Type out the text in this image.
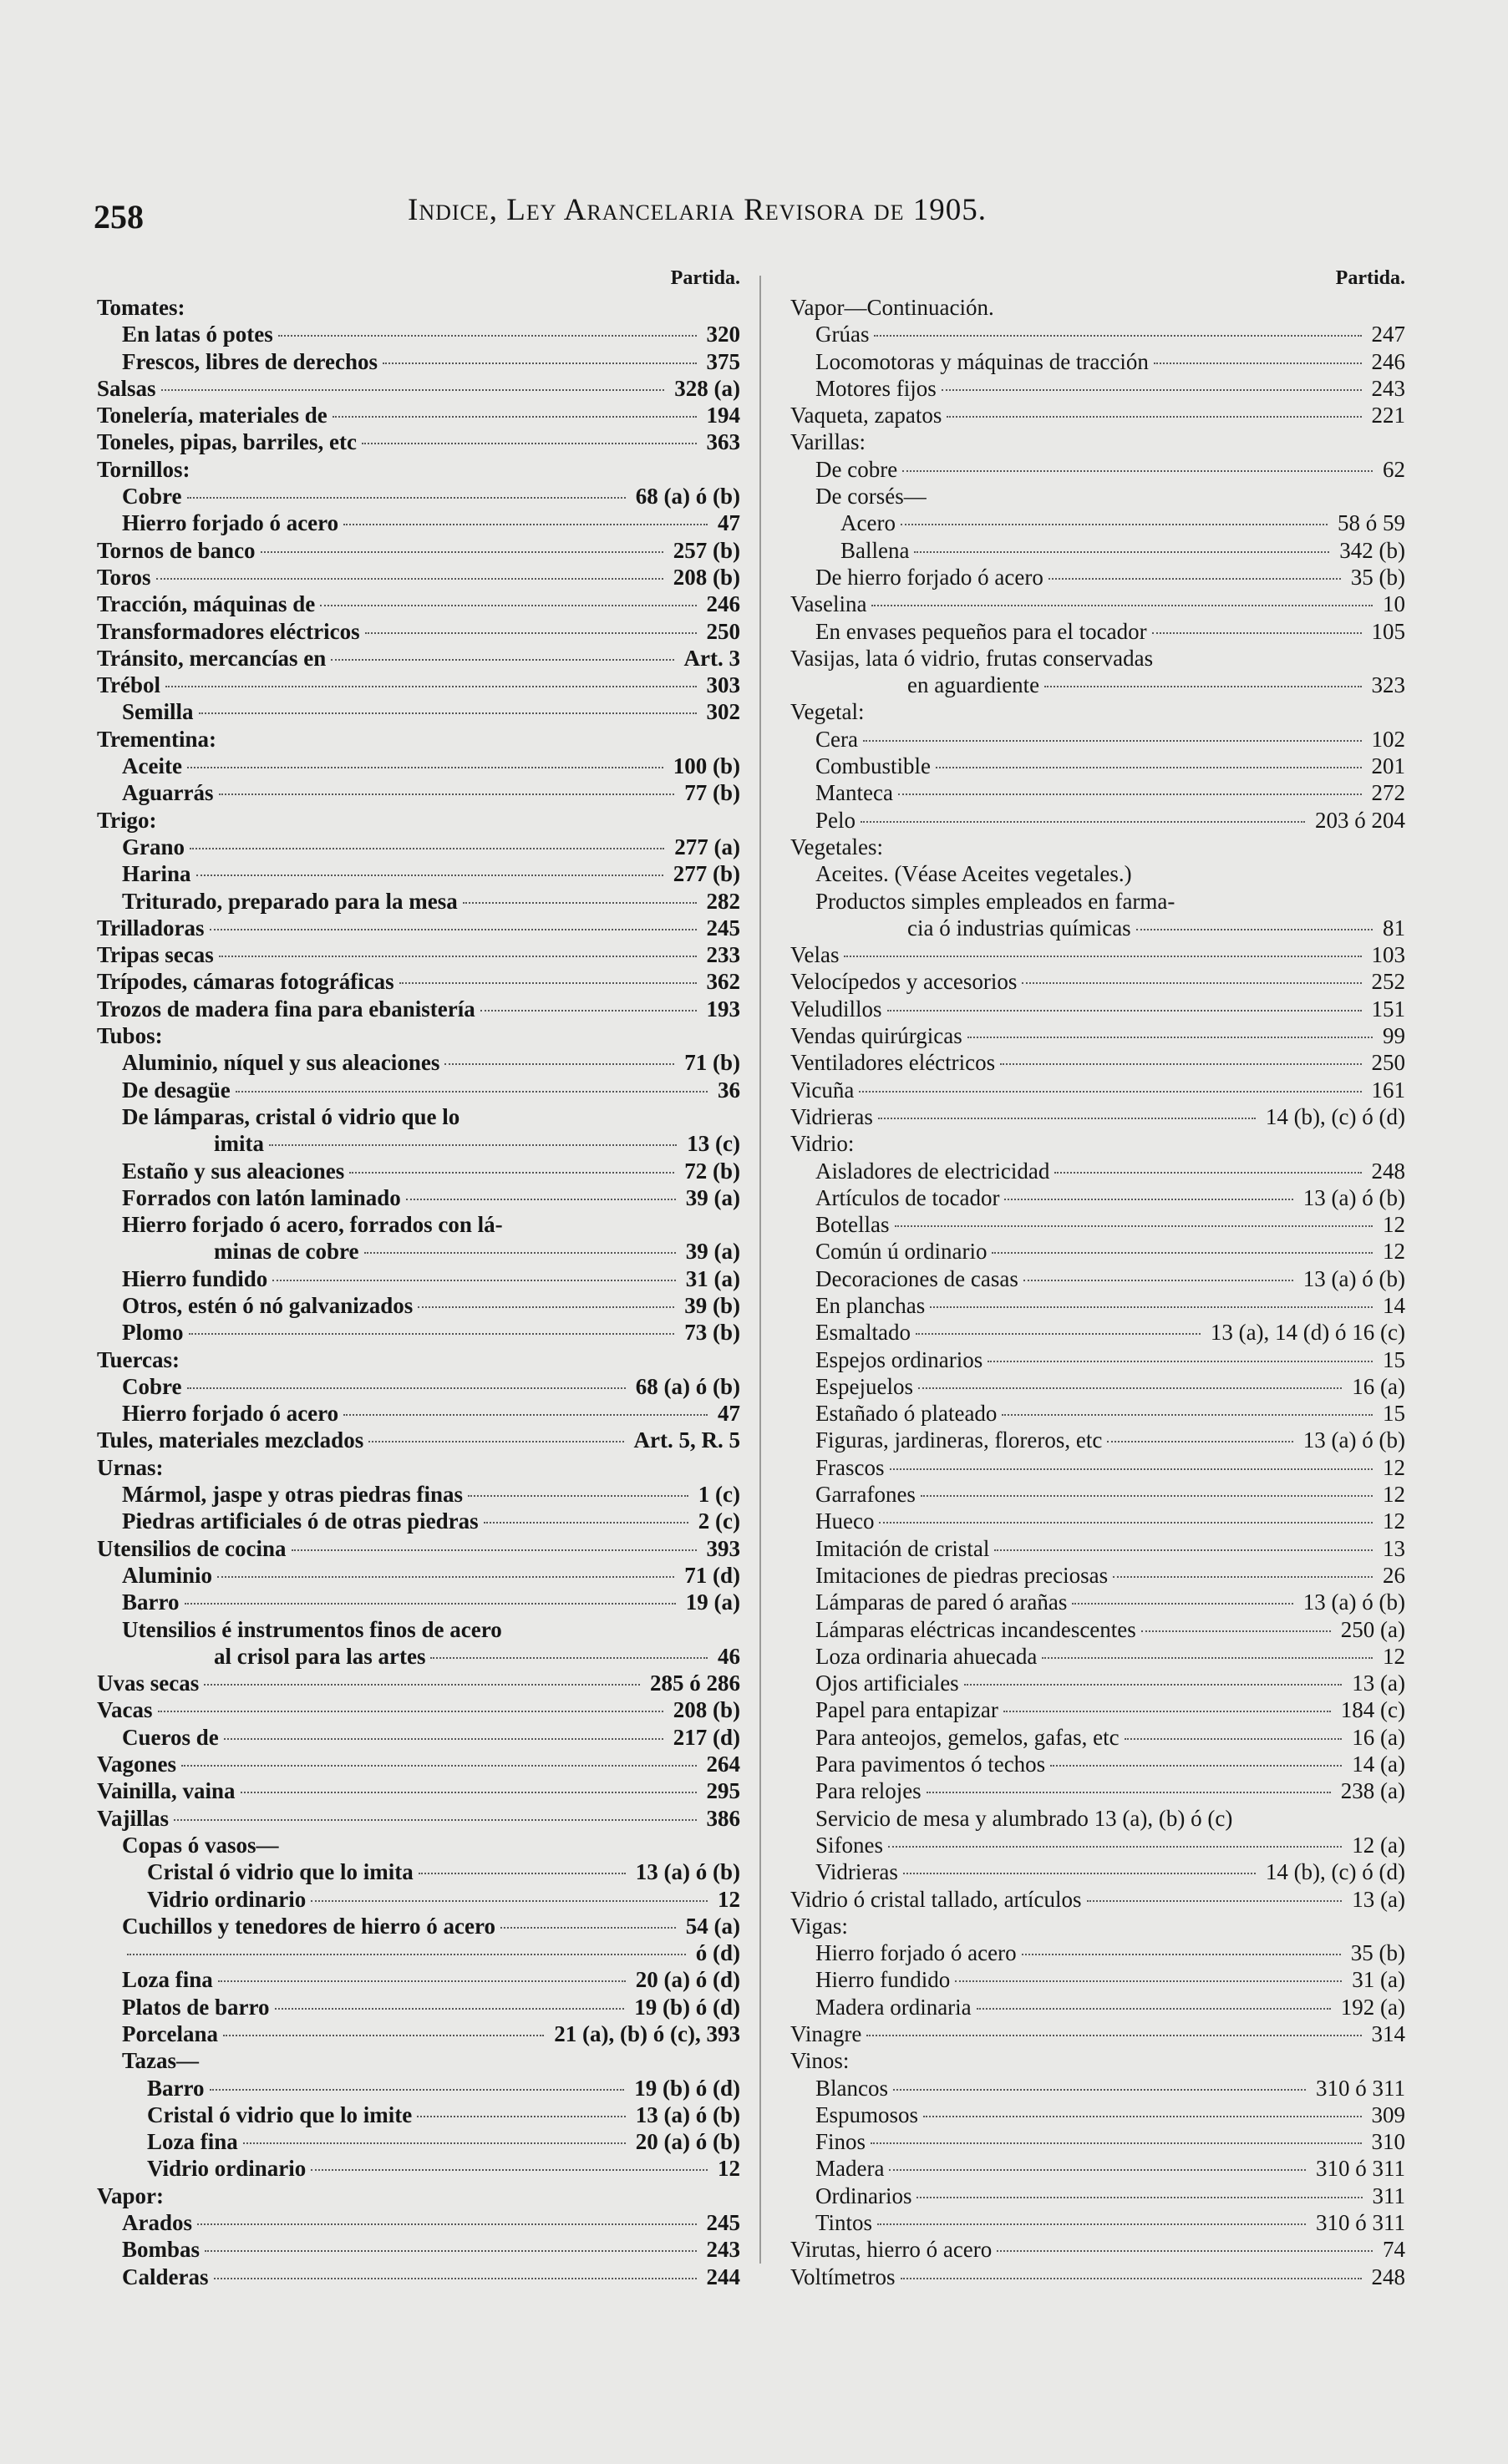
258	Indice, Ley Arancelaria Revisora de 1905.
Partida.
Tomates:
En latas ó potes	320
Frescos, libres de derechos	375
Salsas	328 (a)
Tonelería, materiales de	194
Toneles, pipas, barriles, etc	363
Tornillos:
Cobre	68 (a) ó (b)
Hierro forjado ó acero	47
Tornos de banco	257 (b)
Toros	208 (b)
Tracción, máquinas de	246
Transformadores eléctricos	250
Tránsito, mercancías en	Art. 3
Trébol	303
Semilla	302
Trementina:
Aceite	100 (b)
Aguarrás	77 (b)
Trigo:
Grano	277 (a)
Harina	277 (b)
Triturado, preparado para la mesa	282
Trilladoras	245
Tripas secas	233
Trípodes, cámaras fotográficas	362
Trozos de madera fina para ebanistería	193
Tubos:
Aluminio, níquel y sus aleaciones	71 (b)
De desagüe	36
De lámparas, cristal ó vidrio que lo
imita	13 (c)
Estaño y sus aleaciones	72 (b)
Forrados con latón laminado	39 (a)
Hierro forjado ó acero, forrados con lá-
minas de cobre	39 (a)
Hierro fundido	31 (a)
Otros, estén ó nó galvanizados	39 (b)
Plomo	73 (b)
Tuercas:
Cobre	68 (a) ó (b)
Hierro forjado ó acero	47
Tules, materiales mezclados	Art. 5, R. 5
Urnas:
Mármol, jaspe y otras piedras finas	1 (c)
Piedras artificiales ó de otras piedras	2 (c)
Utensilios de cocina	393
Aluminio	71 (d)
Barro	19 (a)
Utensilios é instrumentos finos de acero
al crisol para las artes	46
Uvas secas	285 ó 286
Vacas	208 (b)
Cueros de	217 (d)
Vagones	264
Vainilla, vaina	295
Vajillas	386
Copas ó vasos—
Cristal ó vidrio que lo imita	13 (a) ó (b)
Vidrio ordinario	12
Cuchillos y tenedores de hierro ó acero	54 (a)
ó (d)
Loza fina	20 (a) ó (d)
Platos de barro	19 (b) ó (d)
Porcelana	21 (a), (b) ó (c), 393
Tazas—
Barro	19 (b) ó (d)
Cristal ó vidrio que lo imite	13 (a) ó (b)
Loza fina	20 (a) ó (b)
Vidrio ordinario	12
Vapor:
Arados	245
Bombas	243
Calderas	244
Partida.
Vapor—Continuación.
Grúas	247
Locomotoras y máquinas de tracción	246
Motores fijos	243
Vaqueta, zapatos	221
Varillas:
De cobre	62
De corsés—
Acero	58 ó 59
Ballena	342 (b)
De hierro forjado ó acero	35 (b)
Vaselina	10
En envases pequeños para el tocador	105
Vasijas, lata ó vidrio, frutas conservadas
en aguardiente	323
Vegetal:
Cera	102
Combustible	201
Manteca	272
Pelo	203 ó 204
Vegetales:
Aceites. (Véase Aceites vegetales.)
Productos simples empleados en farma-
cia ó industrias químicas	81
Velas	103
Velocípedos y accesorios	252
Veludillos	151
Vendas quirúrgicas	99
Ventiladores eléctricos	250
Vicuña	161
Vidrieras	14 (b), (c) ó (d)
Vidrio:
Aisladores de electricidad	248
Artículos de tocador	13 (a) ó (b)
Botellas	12
Común ú ordinario	12
Decoraciones de casas	13 (a) ó (b)
En planchas	14
Esmaltado	13 (a), 14 (d) ó 16 (c)
Espejos ordinarios	15
Espejuelos	16 (a)
Estañado ó plateado	15
Figuras, jardineras, floreros, etc	13 (a) ó (b)
Frascos	12
Garrafones	12
Hueco	12
Imitación de cristal	13
Imitaciones de piedras preciosas	26
Lámparas de pared ó arañas	13 (a) ó (b)
Lámparas eléctricas incandescentes	250 (a)
Loza ordinaria ahuecada	12
Ojos artificiales	13 (a)
Papel para entapizar	184 (c)
Para anteojos, gemelos, gafas, etc	16 (a)
Para pavimentos ó techos	14 (a)
Para relojes	238 (a)
Servicio de mesa y alumbrado 13 (a), (b) ó (c)
Sifones	12 (a)
Vidrieras	14 (b), (c) ó (d)
Vidrio ó cristal tallado, artículos	13 (a)
Vigas:
Hierro forjado ó acero	35 (b)
Hierro fundido	31 (a)
Madera ordinaria	192 (a)
Vinagre	314
Vinos:
Blancos	310 ó 311
Espumosos	309
Finos	310
Madera	310 ó 311
Ordinarios	311
Tintos	310 ó 311
Virutas, hierro ó acero	74
Voltímetros	248
